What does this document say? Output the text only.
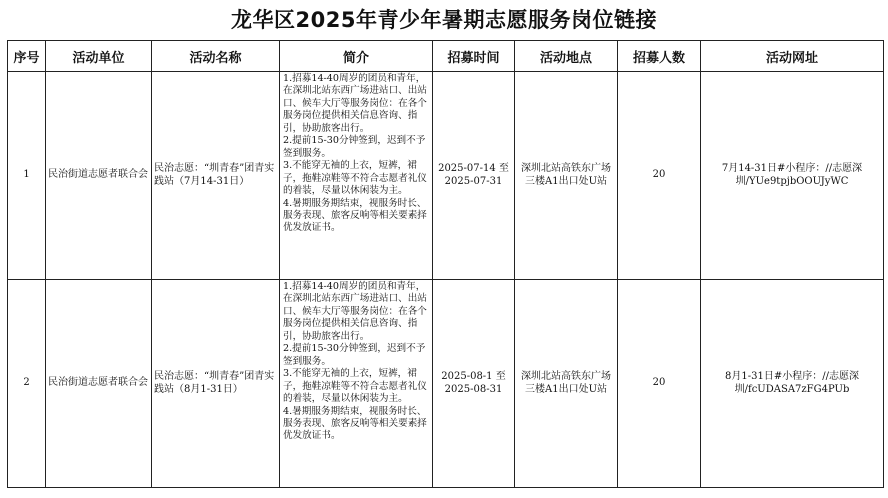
龙华区2025年青少年暑期志愿服务岗位链接
序号	活动单位	活动名称	简介	招募时间	活动地点	招募人数	活动网址
1	民治街道志愿者联合会	民治志愿：“圳青春”团青实践站（7月14-31日）	1.招募14-40周岁的团员和青年，在深圳北站东西广场进站口、出站口、候车大厅等服务岗位：在各个服务岗位提供相关信息咨询、指引，协助旅客出行。
2.提前15-30分钟签到，迟到不予签到服务。
3.不能穿无袖的上衣，短裤，裙子，拖鞋凉鞋等不符合志愿者礼仪的着装，尽量以休闲装为主。
4.暑期服务期结束，视服务时长、服务表现、旅客反响等相关要素择优发放证书。	2025-07-14 至 2025-07-31	深圳北站高铁东广场三楼A1出口处U站	20	7月14-31日#小程序：//志愿深圳/YUe9tpjbOOUJyWC
2	民治街道志愿者联合会	民治志愿：“圳青春”团青实践站（8月1-31日）	1.招募14-40周岁的团员和青年，在深圳北站东西广场进站口、出站口、候车大厅等服务岗位：在各个服务岗位提供相关信息咨询、指引，协助旅客出行。
2.提前15-30分钟签到，迟到不予签到服务。
3.不能穿无袖的上衣，短裤，裙子，拖鞋凉鞋等不符合志愿者礼仪的着装，尽量以休闲装为主。
4.暑期服务期结束，视服务时长、服务表现、旅客反响等相关要素择优发放证书。	2025-08-1 至 2025-08-31	深圳北站高铁东广场三楼A1出口处U站	20	8月1-31日#小程序：//志愿深圳/fcUDASA7zFG4PUb
